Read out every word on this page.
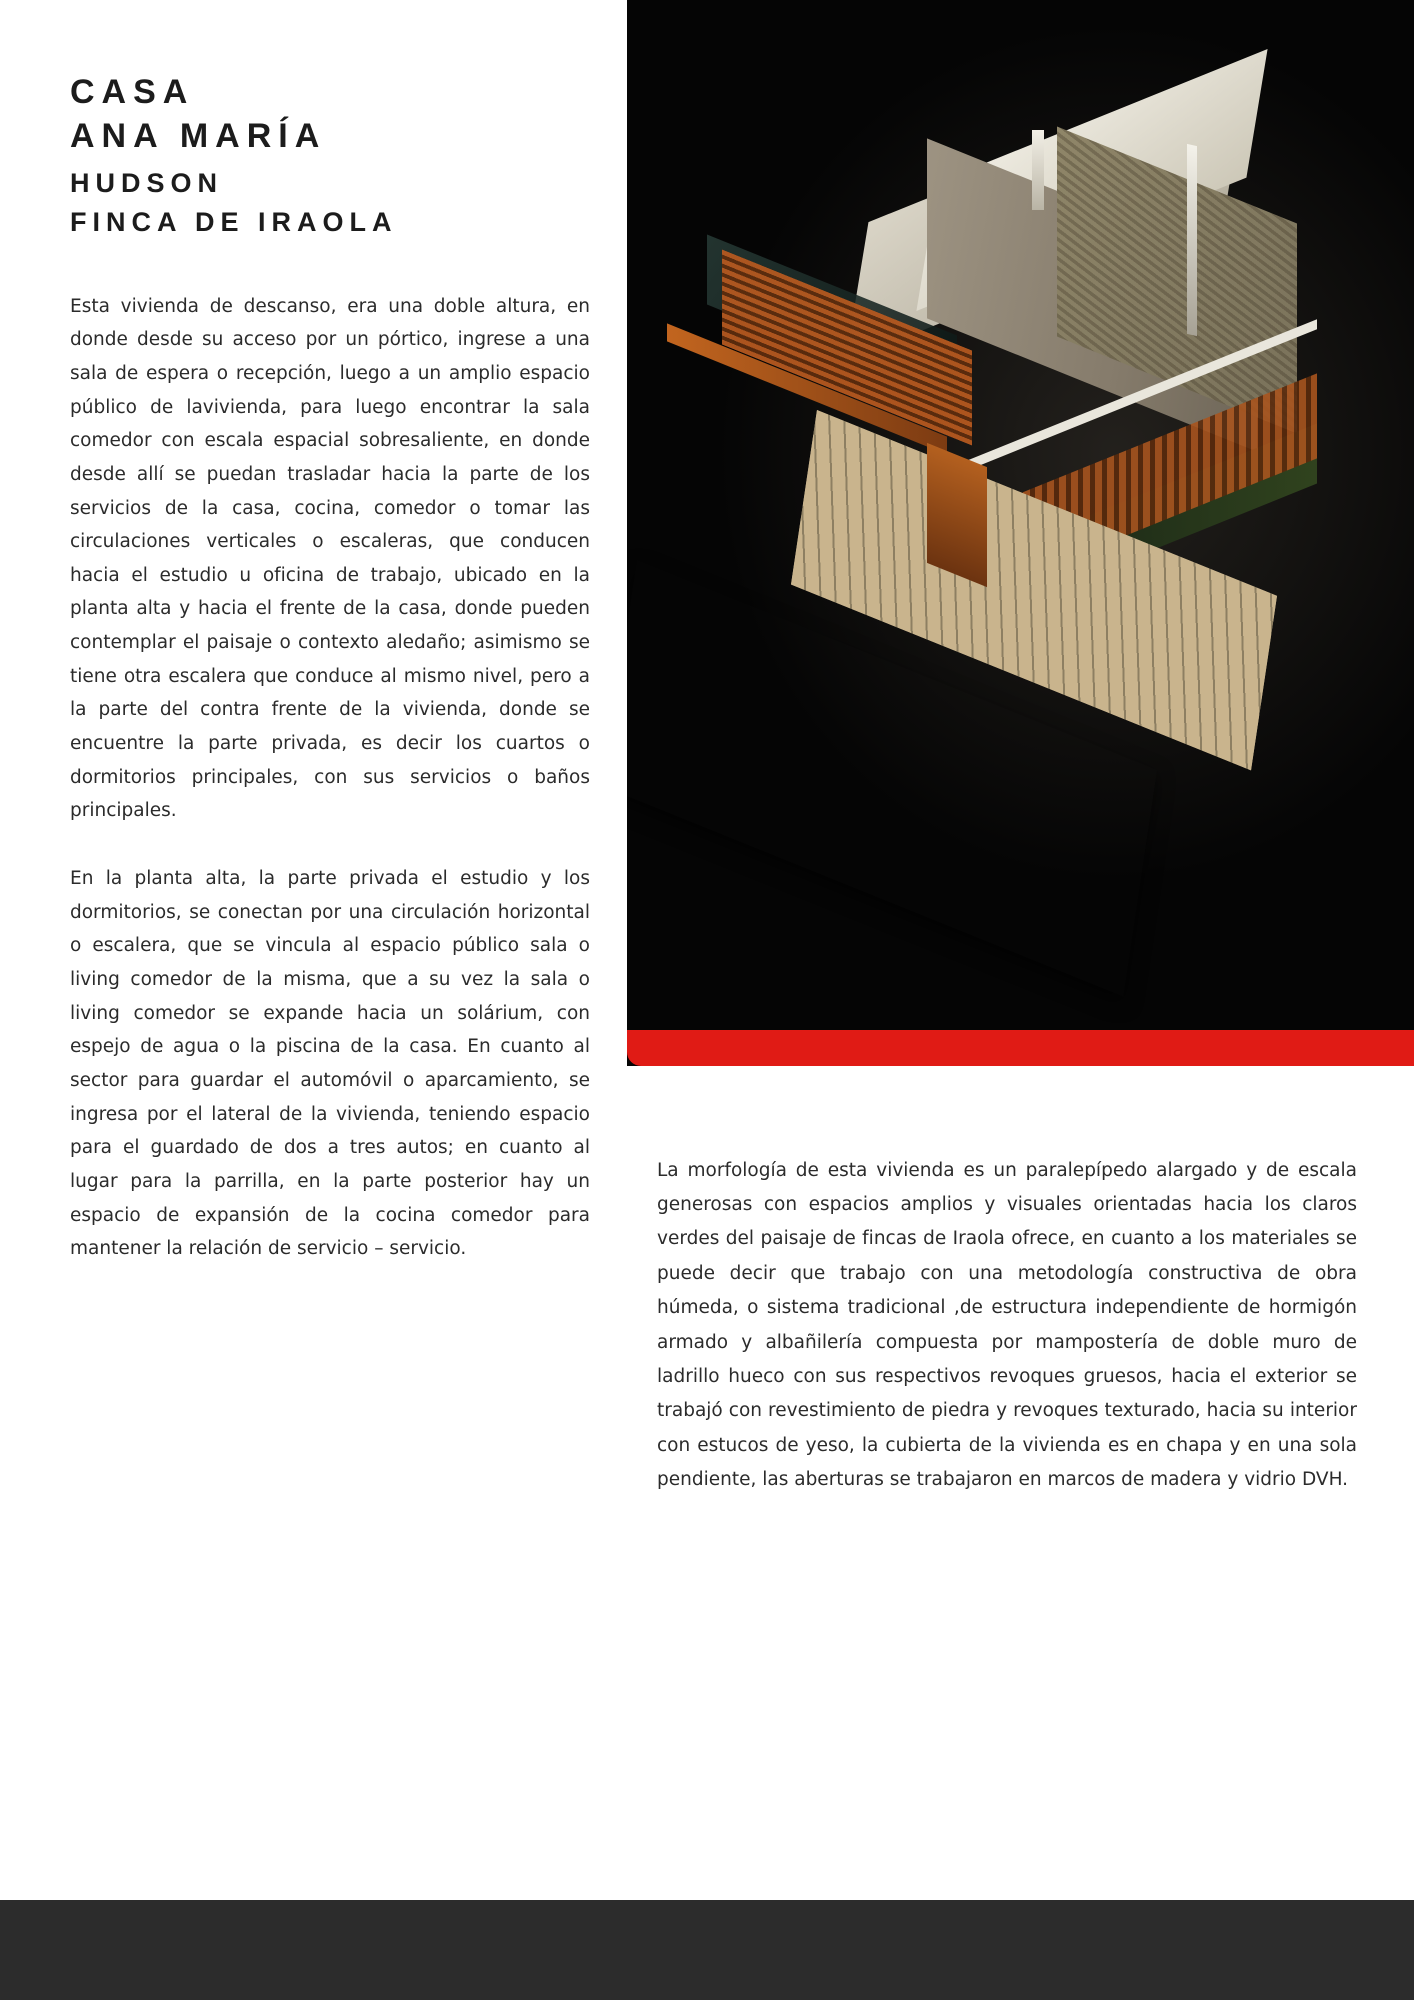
CASA
ANA MARÍA
HUDSON
FINCA DE IRAOLA

Esta vivienda de descanso, era una doble altura, en donde desde su acceso por un pórtico, ingrese a una sala de espera o recepción, luego a un amplio espacio público de lavivienda, para luego encontrar la sala comedor con escala espacial sobresaliente, en donde desde allí se puedan trasladar hacia la parte de los servicios de la casa, cocina, comedor o tomar las circulaciones verticales o escaleras, que conducen hacia el estudio u oficina de trabajo, ubicado en la planta alta y hacia el frente de la casa, donde pueden contemplar el paisaje o contexto aledaño; asimismo se tiene otra escalera que conduce al mismo nivel, pero a la parte del contra frente de la vivienda, donde se encuentre la parte privada, es decir los cuartos o dormitorios principales, con sus servicios o baños principales.

En la planta alta, la parte privada el estudio y los dormitorios, se conectan por una circulación horizontal o escalera, que se vincula al espacio público sala o living comedor de la misma, que a su vez la sala o living comedor se expande hacia un solárium, con espejo de agua o la piscina de la casa. En cuanto al sector para guardar el automóvil o aparcamiento, se ingresa por el lateral de la vivienda, teniendo espacio para el guardado de dos a tres autos; en cuanto al lugar para la parrilla, en la parte posterior hay un espacio de expansión de la cocina comedor para mantener la relación de servicio – servicio.

La morfología de esta vivienda es un paralepípedo alargado y de escala generosas con espacios amplios y visuales orientadas hacia los claros verdes del paisaje de fincas de Iraola ofrece, en cuanto a los materiales se puede decir que trabajo con una metodología constructiva de obra húmeda, o sistema tradicional ,de estructura independiente de hormigón armado y albañilería compuesta por mampostería de doble muro de ladrillo hueco con sus respectivos revoques gruesos, hacia el exterior se trabajó con revestimiento de piedra y revoques texturado, hacia su interior con estucos de yeso, la cubierta de la vivienda es en chapa y en una sola pendiente, las aberturas se trabajaron en marcos de madera y vidrio DVH.
